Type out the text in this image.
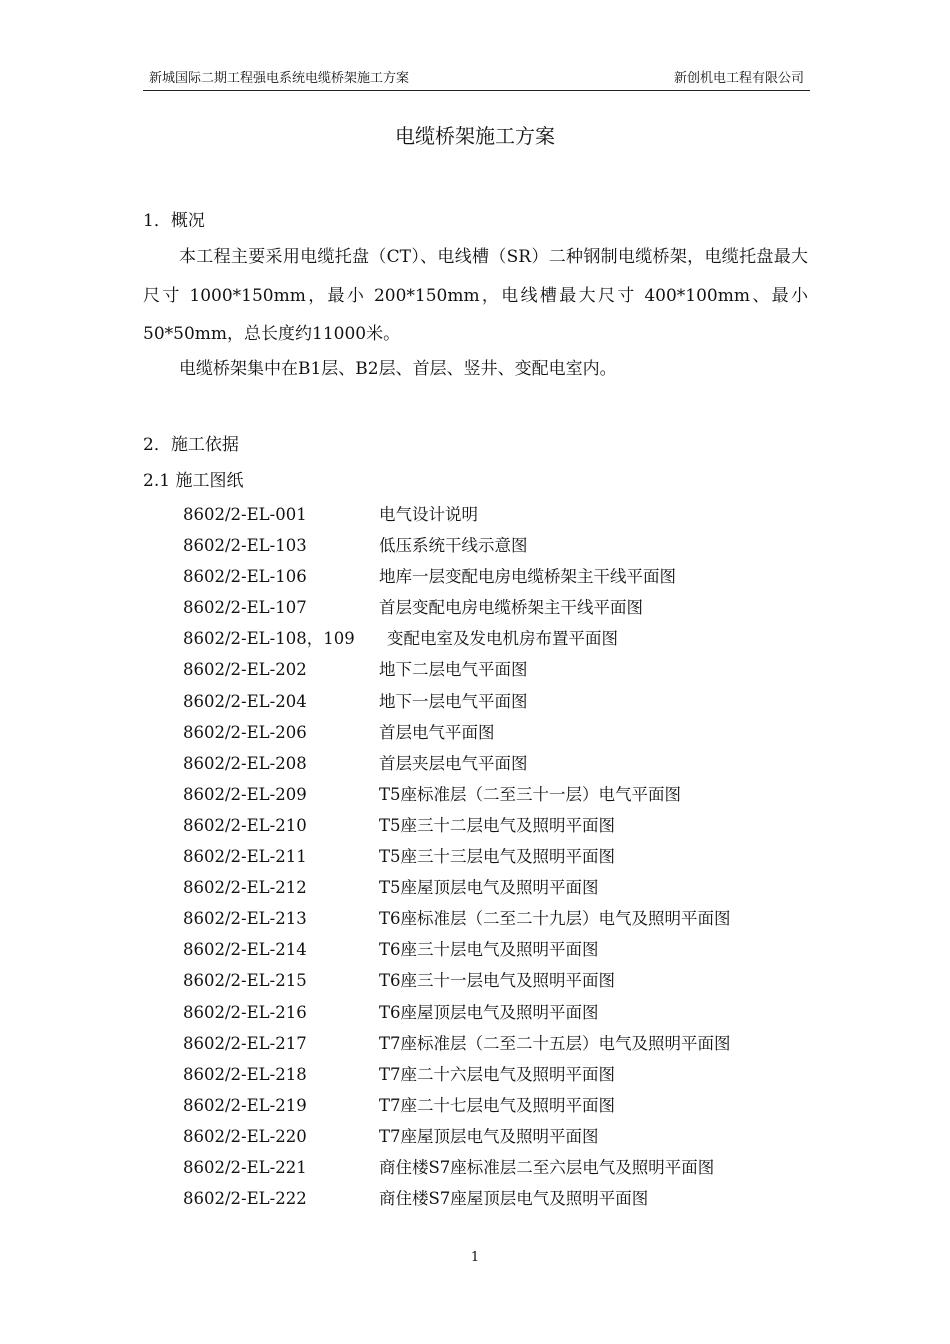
新城国际二期工程强电系统电缆桥架施工方案	新创机电工程有限公司
电缆桥架施工方案
1．概况
本工程主要采用电缆托盘（CT）、电线槽（SR）二种钢制电缆桥架，电缆托盘最大尺寸 1000*150mm，最小 200*150mm，电线槽最大尺寸 400*100mm、最小50*50mm，总长度约11000米。
电缆桥架集中在B1层、B2层、首层、竖井、变配电室内。
2．施工依据
2.1 施工图纸
8602/2-EL-001	电气设计说明
8602/2-EL-103	低压系统干线示意图
8602/2-EL-106	地库一层变配电房电缆桥架主干线平面图
8602/2-EL-107	首层变配电房电缆桥架主干线平面图
8602/2-EL-108，109 变配电室及发电机房布置平面图
8602/2-EL-202	地下二层电气平面图
8602/2-EL-204	地下一层电气平面图
8602/2-EL-206	首层电气平面图
8602/2-EL-208	首层夹层电气平面图
8602/2-EL-209	T5座标准层（二至三十一层）电气平面图
8602/2-EL-210	T5座三十二层电气及照明平面图
8602/2-EL-211	T5座三十三层电气及照明平面图
8602/2-EL-212	T5座屋顶层电气及照明平面图
8602/2-EL-213	T6座标准层（二至二十九层）电气及照明平面图
8602/2-EL-214	T6座三十层电气及照明平面图
8602/2-EL-215	T6座三十一层电气及照明平面图
8602/2-EL-216	T6座屋顶层电气及照明平面图
8602/2-EL-217	T7座标准层（二至二十五层）电气及照明平面图
8602/2-EL-218	T7座二十六层电气及照明平面图
8602/2-EL-219	T7座二十七层电气及照明平面图
8602/2-EL-220	T7座屋顶层电气及照明平面图
8602/2-EL-221	商住楼S7座标准层二至六层电气及照明平面图
8602/2-EL-222	商住楼S7座屋顶层电气及照明平面图
1
